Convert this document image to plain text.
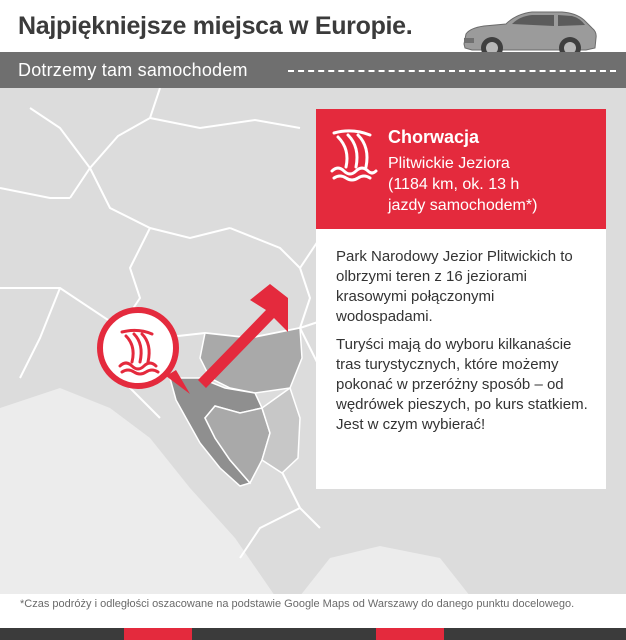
Najpiękniejsze miejsca w Europie.
Dotrzemy tam samochodem
Chorwacja
Plitwickie Jeziora
(1184 km, ok. 13 h
jazdy samochodem*)

Park Narodowy Jezior Plitwickich to olbrzymi teren z 16 jeziorami krasowymi połączonymi wodospadami.

Turyści mają do wyboru kilkanaście tras turystycznych, które możemy pokonać w przeróżny sposób – od wędrówek pieszych, po kurs statkiem. Jest w czym wybierać!

*Czas podróży i odległości oszacowane na podstawie Google Maps od Warszawy do danego punktu docelowego.
